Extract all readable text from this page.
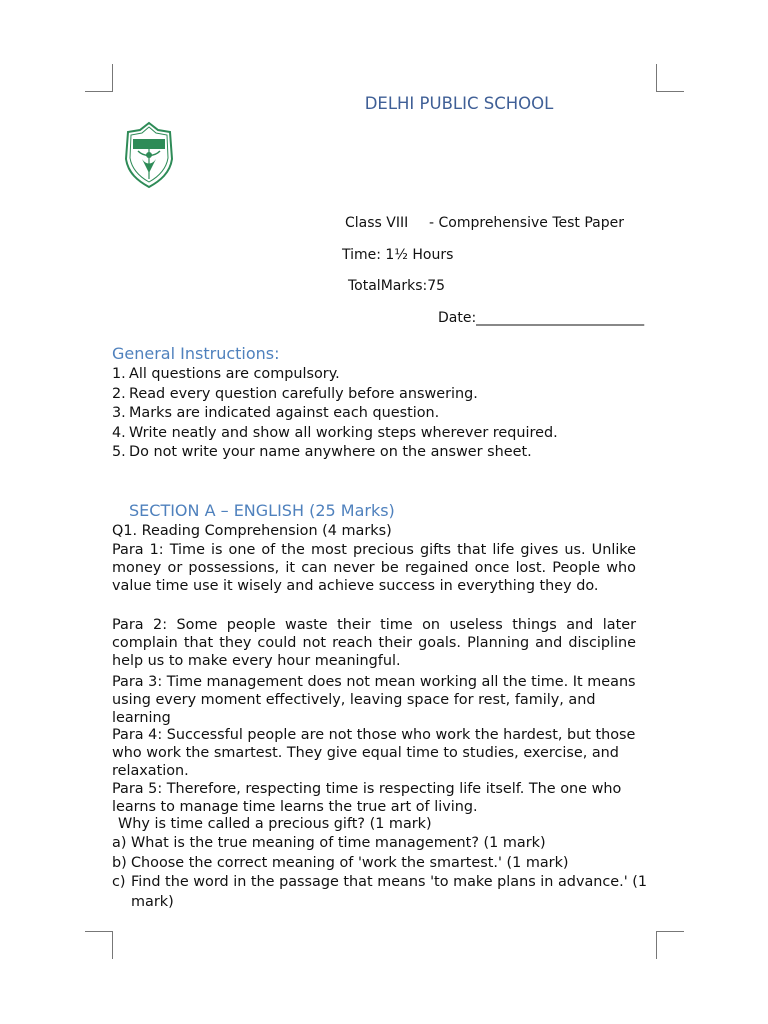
DELHI PUBLIC SCHOOL
Class VIII - Comprehensive Test Paper
Time: 1½ Hours
TotalMarks:75
Date:________________________
General Instructions:
1. All questions are compulsory.
2. Read every question carefully before answering.
3. Marks are indicated against each question.
4. Write neatly and show all working steps wherever required.
5. Do not write your name anywhere on the answer sheet.
SECTION A – ENGLISH (25 Marks)
Q1. Reading Comprehension (4 marks)

Para 1: Time is one of the most precious gifts that life gives us. Unlike money or possessions, it can never be regained once lost. People who value time use it wisely and achieve success in everything they do.

Para 2: Some people waste their time on useless things and later complain that they could not reach their goals. Planning and discipline help us to make every hour meaningful.

Para 3: Time management does not mean working all the time. It means using every moment effectively, leaving space for rest, family, and learning

Para 4: Successful people are not those who work the hardest, but those who work the smartest. They give equal time to studies, exercise, and relaxation.

Para 5: Therefore, respecting time is respecting life itself. The one who learns to manage time learns the true art of living.

Why is time called a precious gift? (1 mark)
a) What is the true meaning of time management? (1 mark)
b) Choose the correct meaning of 'work the smartest.' (1 mark)
c) Find the word in the passage that means 'to make plans in advance.' (1 mark)
